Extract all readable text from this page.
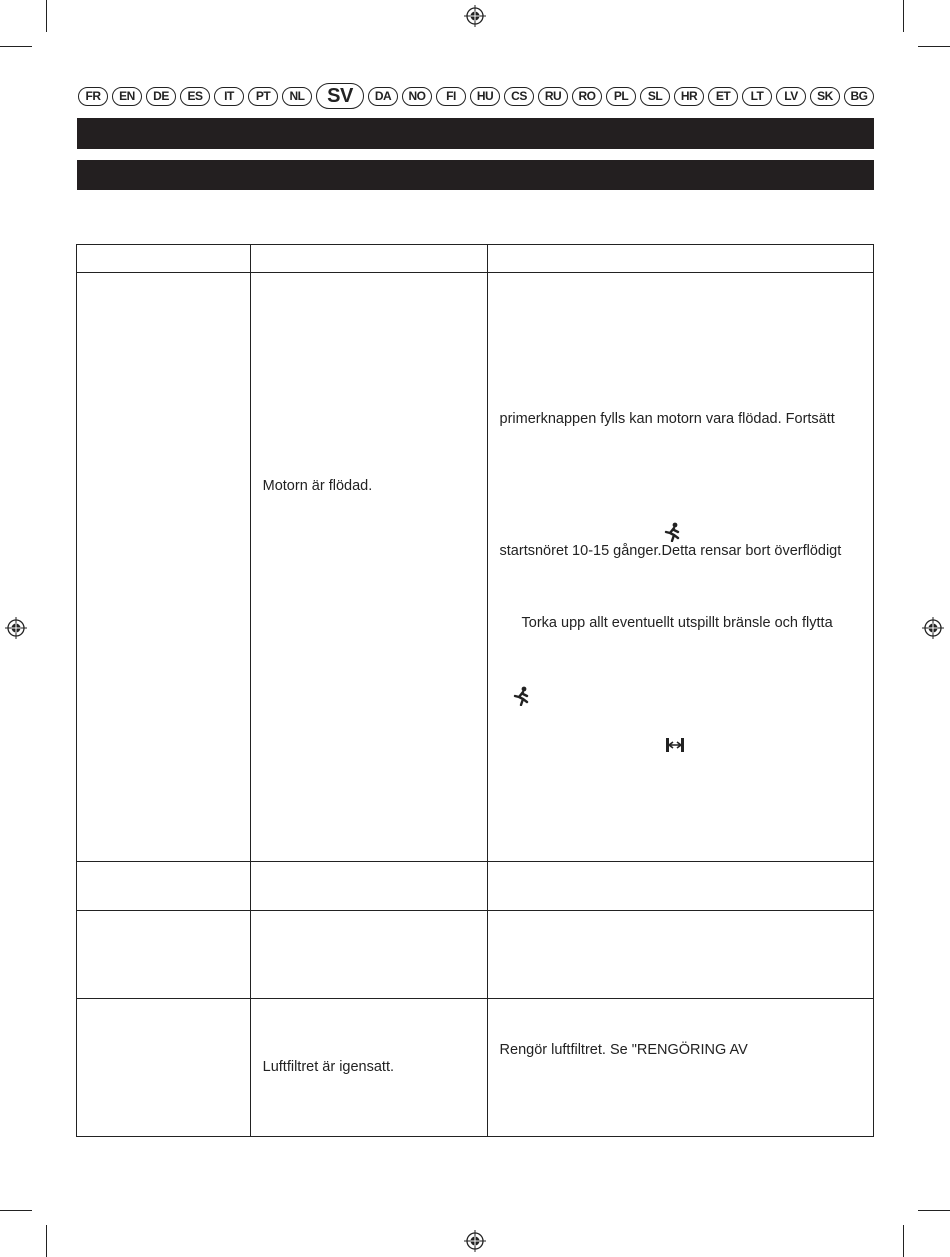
FR	EN	DE	ES	IT	PT	NL	SV	DA	NO	FI	HU	CS	RU	RO	PL	SL	HR	ET	LT	LV	SK	BG

	Motorn är flödad.	primerknappen fylls kan motorn vara flödad. Fortsätt
startsnöret 10-15 gånger.Detta rensar bort överflödigt
Torka upp allt eventuellt utspillt bränsle och flytta

	Luftfiltret är igensatt.	Rengör luftfiltret. Se "RENGÖRING AV
